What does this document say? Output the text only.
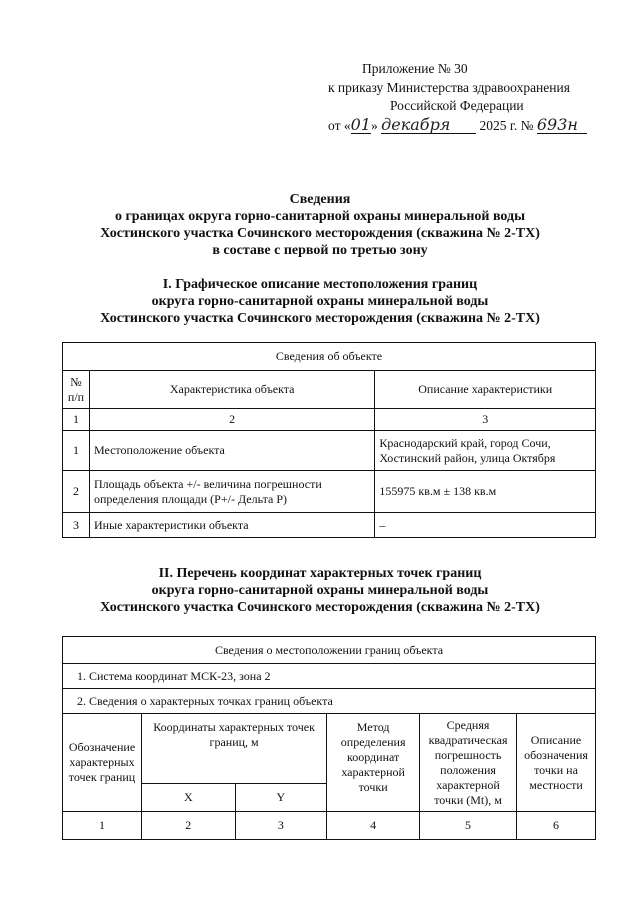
Приложение № 30
к приказу Министерства здравоохранения
Российской Федерации
от «01» декабря 2025 г. № 693н
Сведения
о границах округа горно-санитарной охраны минеральной воды
Хостинского участка Сочинского месторождения (скважина № 2-ТХ)
в составе с первой по третью зону
I. Графическое описание местоположения границ
округа горно-санитарной охраны минеральной воды
Хостинского участка Сочинского месторождения (скважина № 2-ТХ)
Сведения об объекте		
№ п/п	Характеристика объекта	Описание характеристики
1	2	3
1	Местоположение объекта	Краснодарский край, город Сочи, Хостинский район, улица Октября
2	Площадь объекта +/- величина погрешности определения площади (P+/- Дельта P)	155975 кв.м ± 138 кв.м
3	Иные характеристики объекта	–
II. Перечень координат характерных точек границ
округа горно-санитарной охраны минеральной воды
Хостинского участка Сочинского месторождения (скважина № 2-ТХ)
Сведения о местоположении границ объекта					
1. Система координат МСК-23, зона 2					
2. Сведения о характерных точках границ объекта					
Обозначение характерных точек границ	Координаты характерных точек границ, м		Метод определения координат характерной точки	Средняя квадратическая погрешность положения характерной точки (Mt), м	Описание обозначения точки на местности
	X	Y			
1	2	3	4	5	6
